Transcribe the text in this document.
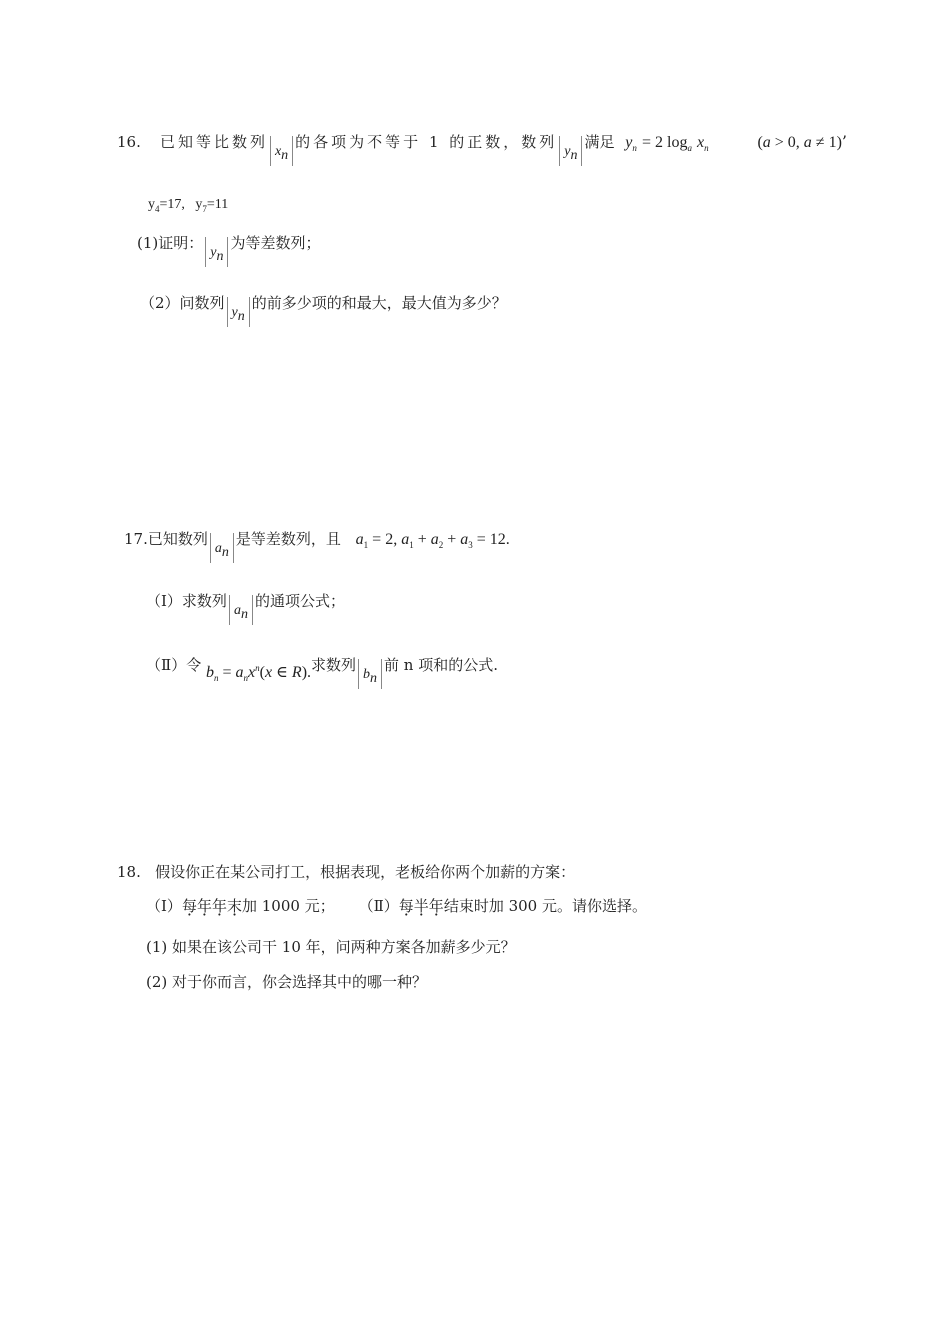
16. 已知等比数列xn的各项为不等于 1 的正数，数列yn满足 $y_n = 2$ $\log_a x_n$	(a > 0, a ≠ 1)’
$y_4=17$,   $y_7=11$
(1)证明：yn为等差数列；
（2）问数列yn的前多少项的和最大，最大值为多少？
17.已知数列an是等差数列，且 $a_1 = 2$, $a_1 + a_2 + a_3 = 12$.
（Ⅰ）求数列an的通项公式；
（Ⅱ）令 $b_n = a_nx^n(x$ ∈ R).求数列bn前 n 项和的公式.
18. 假设你正在某公司打工，根据表现，老板给你两个加薪的方案：
（Ⅰ）每年年末加 1000 元； （Ⅱ）每半年结束时加 300 元。请你选择。
(1) 如果在该公司干 10 年，问两种方案各加薪多少元？
(2) 对于你而言，你会选择其中的哪一种？
